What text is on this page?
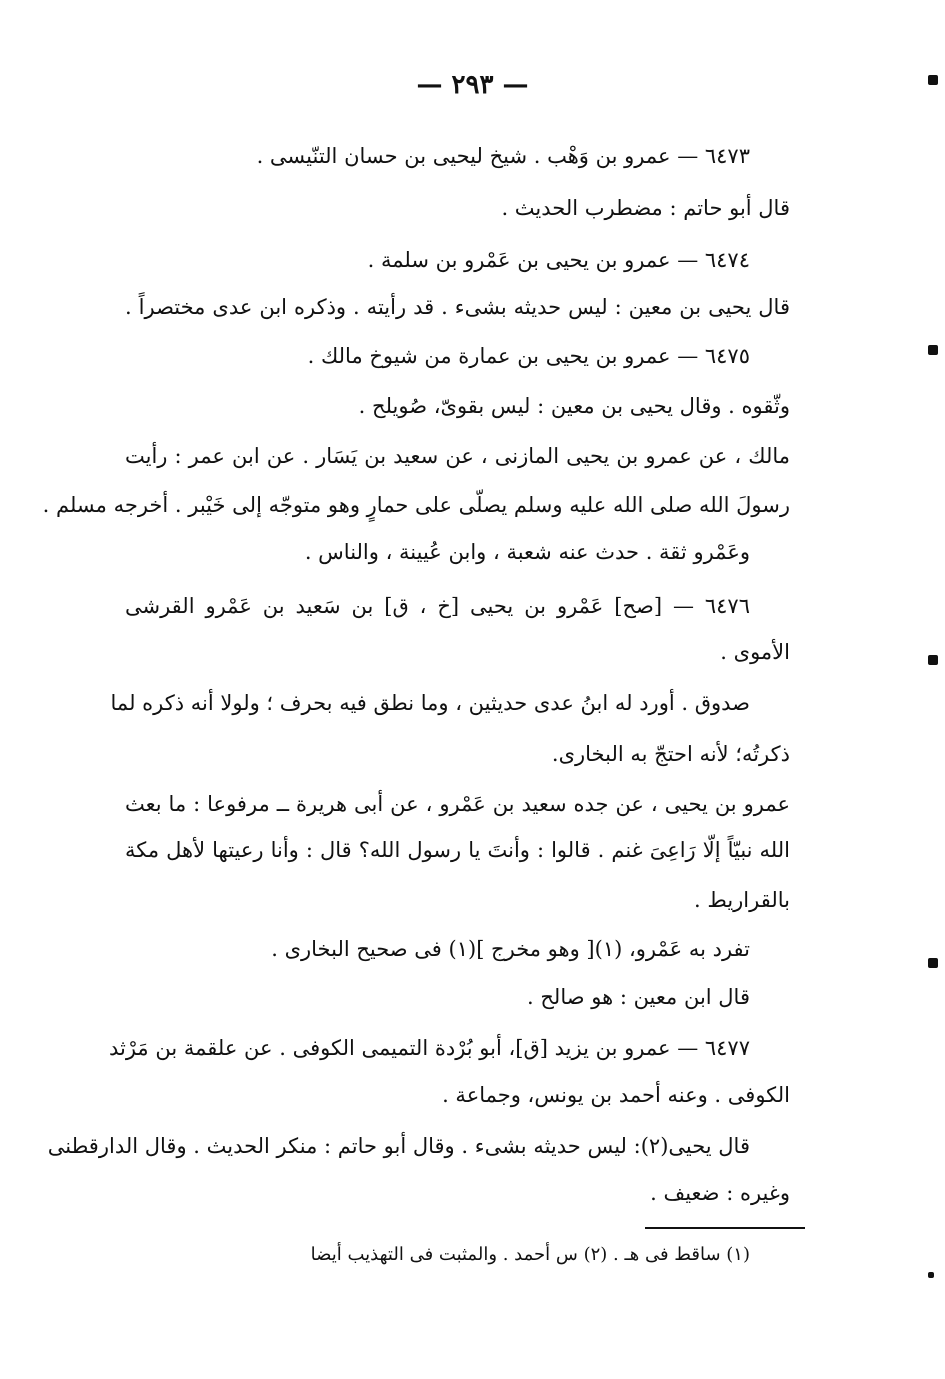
— ٢٩٣ —
٦٤٧٣ — عمرو بن وَهْب . شيخ ليحيى بن حسان التنّيسى .
قال أبو حاتم : مضطرب الحديث .
٦٤٧٤ — عمرو بن يحيى بن عَمْرو بن سلمة .
قال يحيى بن معين : ليس حديثه بشىء . قد رأيته . وذكره ابن عدى مختصراً .
٦٤٧٥ — عمرو بن يحيى بن عمارة من شيوخ مالك .
وثّقوه . وقال يحيى بن معين : ليس بقوىّ، صُويلح .
مالك ، عن عمرو بن يحيى المازنى ، عن سعيد بن يَسَار . عن ابن عمر : رأيت
رسولَ الله صلى الله عليه وسلم يصلّى على حمارٍ وهو متوجّه إلى خَيْبر . أخرجه مسلم .
وعَمْرو ثقة . حدث عنه شعبة ، وابن عُيينة ، والناس .
٦٤٧٦ — [صح] عَمْرو بن يحيى [خ ، ق] بن سَعيد بن عَمْرو القرشى
الأموى .
صدوق . أورد له ابنُ عدى حديثين ، وما نطق فيه بحرف ؛ ولولا أنه ذكره لما
ذكرتُه؛ لأنه احتجّ به البخارى.
عمرو بن يحيى ، عن جده سعيد بن عَمْرو ، عن أبى هريرة ــ مرفوعا : ما بعث
الله نبيّاً إلّا رَاعِىَ غنم . قالوا : وأنتَ يا رسول الله؟ قال : وأنا رعيتها لأهل مكة
بالقراريط .
تفرد به عَمْرو، (١)[ وهو مخرج ](١) فى صحيح البخارى .
قال ابن معين : هو صالح .
٦٤٧٧ — عمرو بن يزيد [ق]، أبو بُرْدة التميمى الكوفى . عن علقمة بن مَرْثد
الكوفى . وعنه أحمد بن يونس، وجماعة .
قال يحيى(٢): ليس حديثه بشىء . وقال أبو حاتم : منكر الحديث . وقال الدارقطنى
وغيره : ضعيف .
(١) ساقط فى هـ . (٢) س أحمد . والمثبت فى التهذيب أيضا
